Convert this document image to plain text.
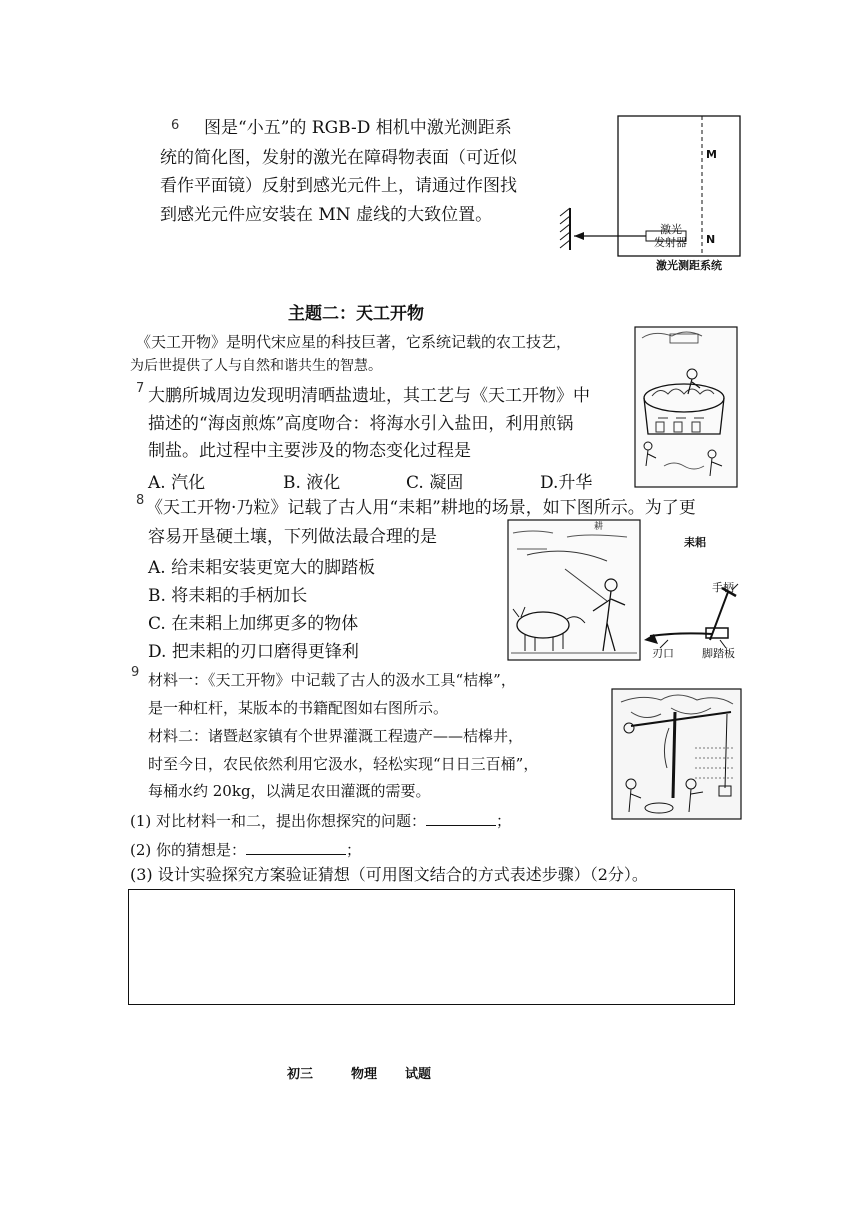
6 图是“小五”的 RGB-D 相机中激光测距系
统的简化图，发射的激光在障碍物表面（可近似
看作平面镜）反射到感光元件上，请通过作图找
到感光元件应安装在 MN 虚线的大致位置。
M
N
激光
发射器
激光测距系统
主题二：天工开物
《天工开物》是明代宋应星的科技巨著，它系统记载的农工技艺，
为后世提供了人与自然和谐共生的智慧。
7 大鹏所城周边发现明清晒盐遗址，其工艺与《天工开物》中
描述的“海卤煎炼”高度吻合：将海水引入盐田，利用煎锅
制盐。此过程中主要涉及的物态变化过程是
A. 汽化	B. 液化	C. 凝固	D.升华
8 《天工开物·乃粒》记载了古人用“耒耜”耕地的场景，如下图所示。为了更
容易开垦硬土壤，下列做法最合理的是
A. 给耒耜安装更宽大的脚踏板
B. 将耒耜的手柄加长
C. 在耒耜上加绑更多的物体
D. 把耒耜的刃口磨得更锋利
耕
耒耜
手柄
刃口	脚踏板
9 材料一：《天工开物》中记载了古人的汲水工具“桔槔”，
是一种杠杆，某版本的书籍配图如右图所示。
材料二：诸暨赵家镇有个世界灌溉工程遗产——桔槔井，
时至今日，农民依然利用它汲水，轻松实现“日日三百桶”，
每桶水约 20kg，以满足农田灌溉的需要。
(1) 对比材料一和二，提出你想探究的问题：	；
(2) 你的猜想是：	；
(3) 设计实验探究方案验证猜想（可用图文结合的方式表述步骤）（2分）。
初三	物理 试题
